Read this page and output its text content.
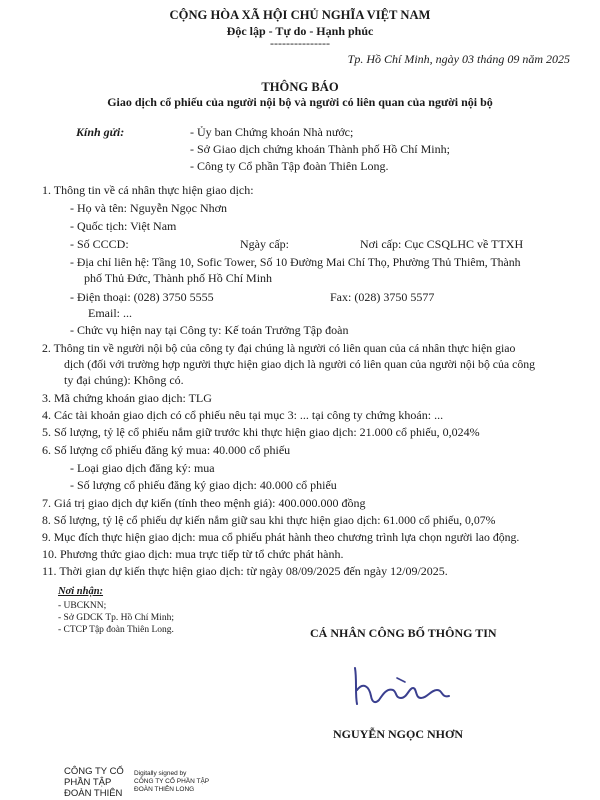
CỘNG HÒA XÃ HỘI CHỦ NGHĨA VIỆT NAM
Độc lập - Tự do - Hạnh phúc
---------------
Tp. Hồ Chí Minh, ngày 03 tháng 09 năm 2025
THÔNG BÁO
Giao dịch cổ phiếu của người nội bộ và người có liên quan của người nội bộ
Kính gửi:	- Ủy ban Chứng khoán Nhà nước;
- Sở Giao dịch chứng khoán Thành phố Hồ Chí Minh;
- Công ty Cổ phần Tập đoàn Thiên Long.
1. Thông tin về cá nhân thực hiện giao dịch:
- Họ và tên: Nguyễn Ngọc Nhơn
- Quốc tịch: Việt Nam
- Số CCCD:	Ngày cấp:	Nơi cấp: Cục CSQLHC về TTXH
- Địa chỉ liên hệ: Tầng 10, Sofic Tower, Số 10 Đường Mai Chí Thọ, Phường Thủ Thiêm, Thành
phố Thủ Đức, Thành phố Hồ Chí Minh
- Điện thoại: (028) 3750 5555	Fax: (028) 3750 5577
Email: ...
- Chức vụ hiện nay tại Công ty: Kế toán Trưởng Tập đoàn
2. Thông tin về người nội bộ của công ty đại chúng là người có liên quan của cá nhân thực hiện giao
dịch (đối với trường hợp người thực hiện giao dịch là người có liên quan của người nội bộ của công
ty đại chúng): Không có.
3. Mã chứng khoán giao dịch: TLG
4. Các tài khoản giao dịch có cổ phiếu nêu tại mục 3: ... tại công ty chứng khoán: ...
5. Số lượng, tỷ lệ cổ phiếu nắm giữ trước khi thực hiện giao dịch: 21.000 cổ phiếu, 0,024%
6. Số lượng cổ phiếu đăng ký mua: 40.000 cổ phiếu
- Loại giao dịch đăng ký: mua
- Số lượng cổ phiếu đăng ký giao dịch: 40.000 cổ phiếu
7. Giá trị giao dịch dự kiến (tính theo mệnh giá): 400.000.000 đồng
8. Số lượng, tỷ lệ cổ phiếu dự kiến nắm giữ sau khi thực hiện giao dịch: 61.000 cổ phiếu, 0,07%
9. Mục đích thực hiện giao dịch: mua cổ phiếu phát hành theo chương trình lựa chọn người lao động.
10. Phương thức giao dịch: mua trực tiếp từ tổ chức phát hành.
11. Thời gian dự kiến thực hiện giao dịch: từ ngày 08/09/2025 đến ngày 12/09/2025.
Nơi nhận:
- UBCKNN;
- Sở GDCK Tp. Hồ Chí Minh;
- CTCP Tập đoàn Thiên Long.	CÁ NHÂN CÔNG BỐ THÔNG TIN
NGUYỄN NGỌC NHƠN
CÔNG TY CỔ
PHẦN TẬP
ĐOÀN THIÊN
Digitally signed by
CÔNG TY CỔ PHẦN TẬP
ĐOÀN THIÊN LONG
